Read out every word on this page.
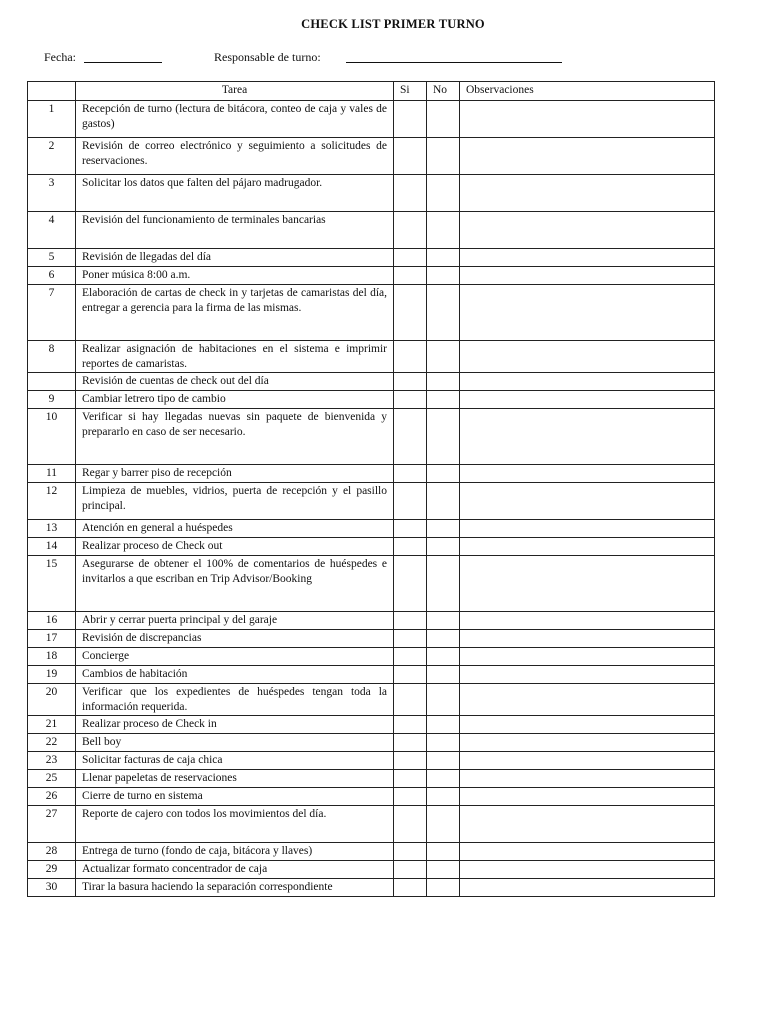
CHECK LIST PRIMER TURNO
Fecha:	Responsable de turno:
	Tarea	Si	No	Observaciones
1	Recepción de turno (lectura de bitácora, conteo de caja y vales de gastos)			
2	Revisión de correo electrónico y seguimiento a solicitudes de reservaciones.			
3	Solicitar los datos que falten del pájaro madrugador.			
4	Revisión del funcionamiento de terminales bancarias			
5	Revisión de llegadas del día			
6	Poner música 8:00 a.m.			
7	Elaboración de cartas de check in y tarjetas de camaristas del día, entregar a gerencia para la firma de las mismas.			
8	Realizar asignación de habitaciones en el sistema e imprimir reportes de camaristas.			
	Revisión de cuentas de check out del día			
9	Cambiar letrero tipo de cambio			
10	Verificar si hay llegadas nuevas sin paquete de bienvenida y prepararlo en caso de ser necesario.			
11	Regar y barrer piso de recepción			
12	Limpieza de muebles, vidrios, puerta de recepción y el pasillo principal.			
13	Atención en general a huéspedes			
14	Realizar proceso de Check out			
15	Asegurarse de obtener el 100% de comentarios de huéspedes e invitarlos a que escriban en Trip Advisor/Booking			
16	Abrir y cerrar puerta principal y del garaje			
17	Revisión de discrepancias			
18	Concierge			
19	Cambios de habitación			
20	Verificar que los expedientes de huéspedes tengan toda la información requerida.			
21	Realizar proceso de Check in			
22	Bell boy			
23	Solicitar facturas de caja chica			
25	Llenar papeletas de reservaciones			
26	Cierre de turno en sistema			
27	Reporte de cajero con todos los movimientos del día.			
28	Entrega de turno (fondo de caja, bitácora y llaves)			
29	Actualizar formato concentrador de caja			
30	Tirar la basura haciendo la separación correspondiente			
